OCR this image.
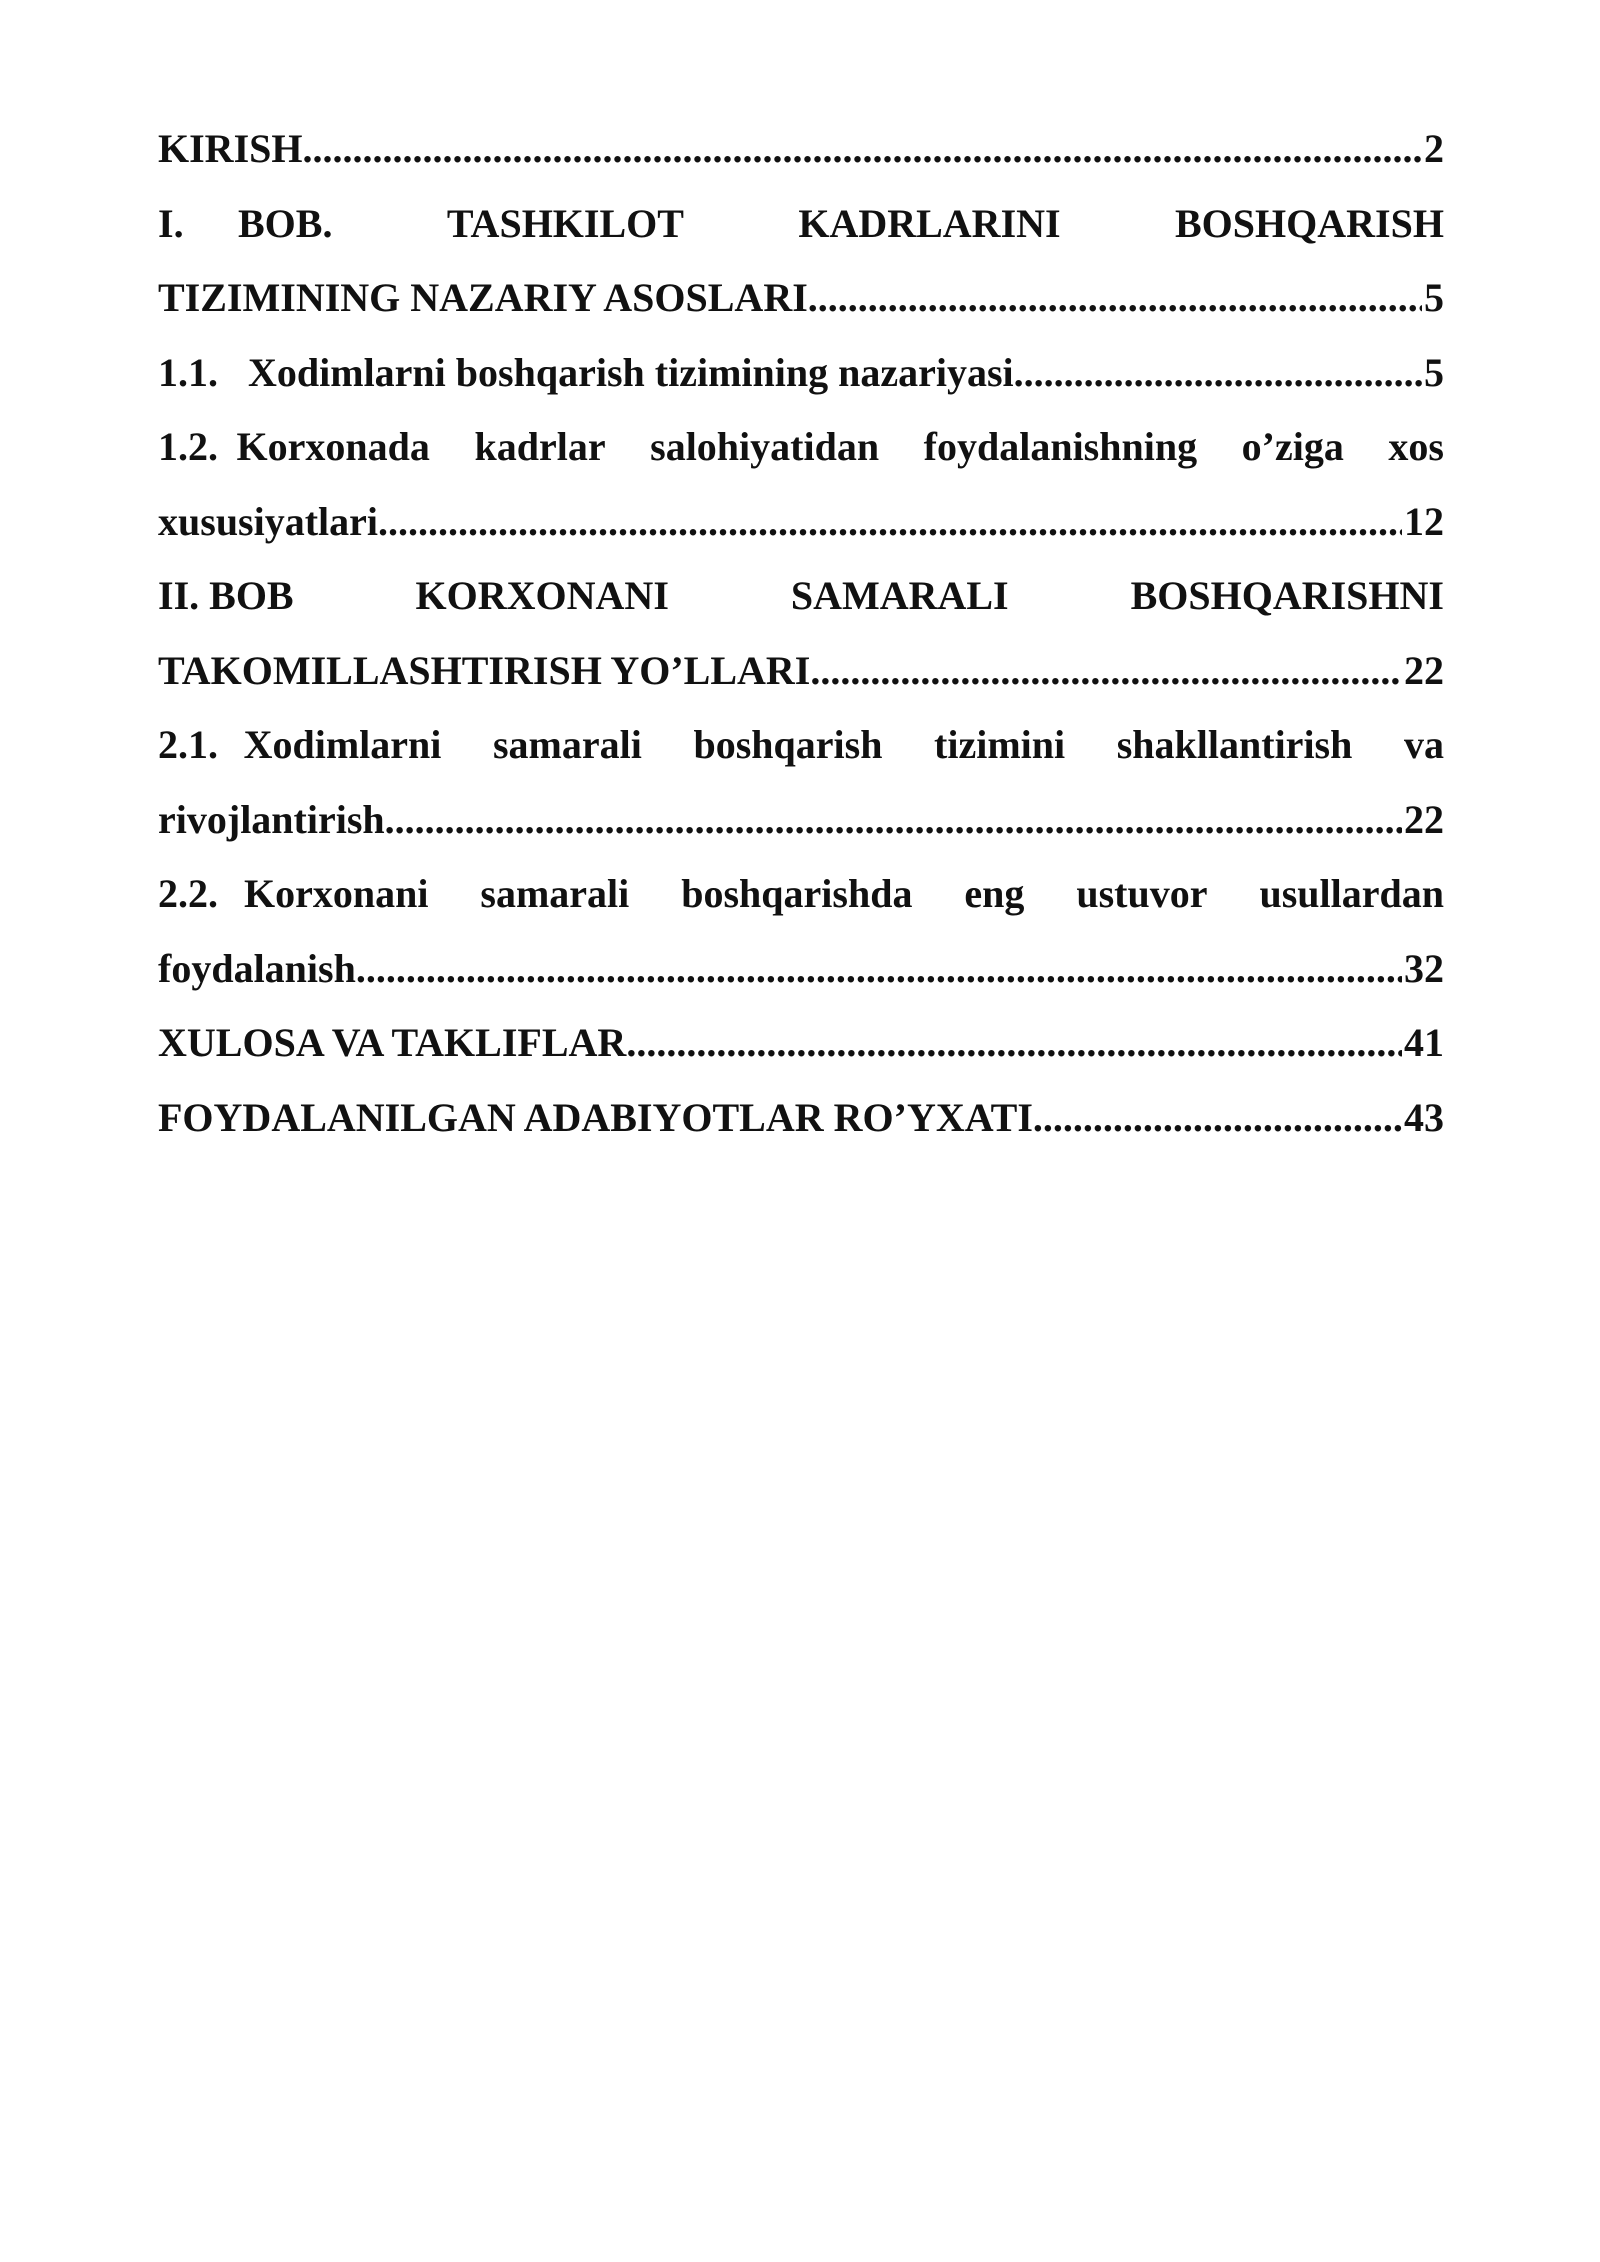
KIRISH .....	2
I. BOB.	TASHKILOT	KADRLARINI	BOSHQARISH
TIZIMINING NAZARIY ASOSLARI .....	5
1.1. Xodimlarni boshqarish tizimining nazariyasi .....	5
1.2. Korxonada kadrlar salohiyatidan foydalanishning o’ziga xos
xususiyatlari .....	12
II. BOB	KORXONANI	SAMARALI	BOSHQARISHNI
TAKOMILLASHTIRISH YO’LLARI .....	22
2.1. Xodimlarni samarali boshqarish tizimini shakllantirish va
rivojlantirish .....	22
2.2. Korxonani samarali boshqarishda eng ustuvor usullardan
foydalanish .....	32
XULOSA VA TAKLIFLAR .....	41
FOYDALANILGAN ADABIYOTLAR RO’YXATI .....	43
